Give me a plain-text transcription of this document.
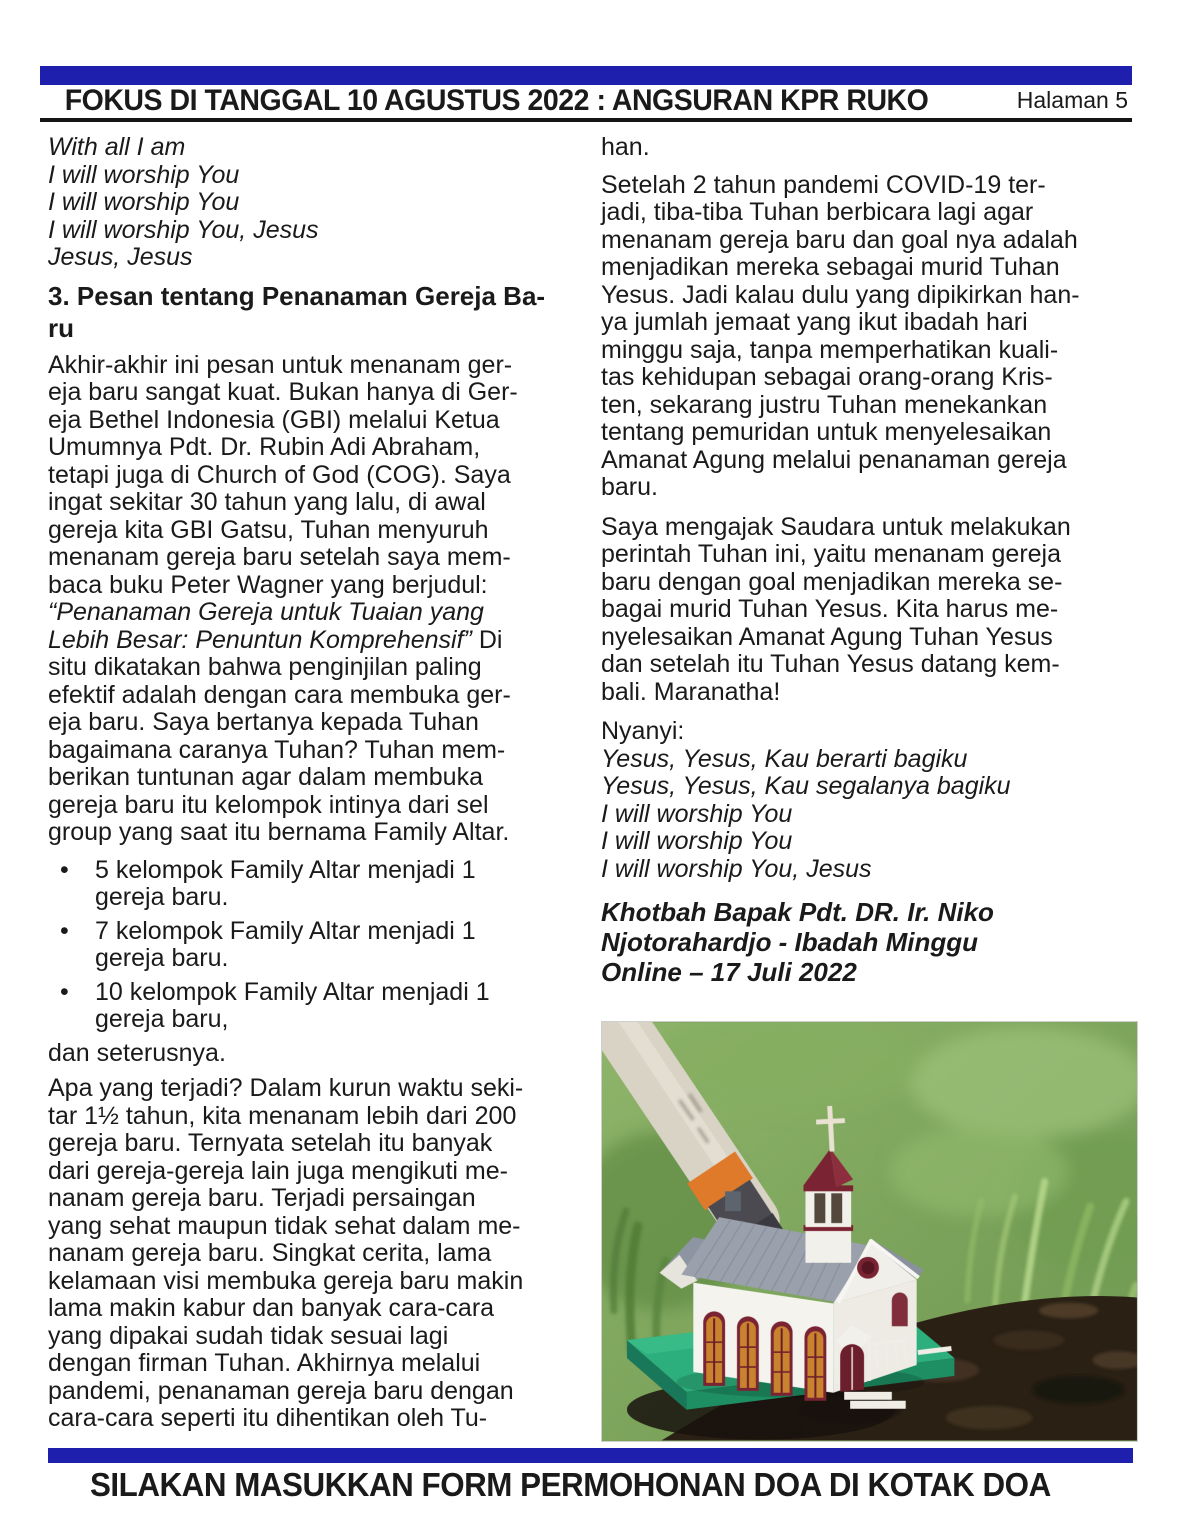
FOKUS DI TANGGAL 10 AGUSTUS 2022 : ANGSURAN KPR RUKO	Halaman 5
With all I am
I will worship You
I will worship You
I will worship You, Jesus
Jesus, Jesus
3. Pesan tentang Penanaman Gereja Ba-
ru
Akhir-akhir ini pesan untuk menanam ger-
eja baru sangat kuat. Bukan hanya di Ger-
eja Bethel Indonesia (GBI) melalui Ketua
Umumnya Pdt. Dr. Rubin Adi Abraham,
tetapi juga di Church of God (COG). Saya
ingat sekitar 30 tahun yang lalu, di awal
gereja kita GBI Gatsu, Tuhan menyuruh
menanam gereja baru setelah saya mem-
baca buku Peter Wagner yang berjudul:
“Penanaman Gereja untuk Tuaian yang
Lebih Besar: Penuntun Komprehensif” Di
situ dikatakan bahwa penginjilan paling
efektif adalah dengan cara membuka ger-
eja baru. Saya bertanya kepada Tuhan
bagaimana caranya Tuhan? Tuhan mem-
berikan tuntunan agar dalam membuka
gereja baru itu kelompok intinya dari sel
group yang saat itu bernama Family Altar.
•	5 kelompok Family Altar menjadi 1
gereja baru.
•	7 kelompok Family Altar menjadi 1
gereja baru.
•	10 kelompok Family Altar menjadi 1
gereja baru,
dan seterusnya.
Apa yang terjadi? Dalam kurun waktu seki-
tar 1½ tahun, kita menanam lebih dari 200
gereja baru. Ternyata setelah itu banyak
dari gereja-gereja lain juga mengikuti me-
nanam gereja baru. Terjadi persaingan
yang sehat maupun tidak sehat dalam me-
nanam gereja baru. Singkat cerita, lama
kelamaan visi membuka gereja baru makin
lama makin kabur dan banyak cara-cara
yang dipakai sudah tidak sesuai lagi
dengan firman Tuhan. Akhirnya melalui
pandemi, penanaman gereja baru dengan
cara-cara seperti itu dihentikan oleh Tu-
han.
Setelah 2 tahun pandemi COVID-19 ter-
jadi, tiba-tiba Tuhan berbicara lagi agar
menanam gereja baru dan goal nya adalah
menjadikan mereka sebagai murid Tuhan
Yesus. Jadi kalau dulu yang dipikirkan han-
ya jumlah jemaat yang ikut ibadah hari
minggu saja, tanpa memperhatikan kuali-
tas kehidupan sebagai orang-orang Kris-
ten, sekarang justru Tuhan menekankan
tentang pemuridan untuk menyelesaikan
Amanat Agung melalui penanaman gereja
baru.
Saya mengajak Saudara untuk melakukan
perintah Tuhan ini, yaitu menanam gereja
baru dengan goal menjadikan mereka se-
bagai murid Tuhan Yesus. Kita harus me-
nyelesaikan Amanat Agung Tuhan Yesus
dan setelah itu Tuhan Yesus datang kem-
bali. Maranatha!
Nyanyi:
Yesus, Yesus, Kau berarti bagiku
Yesus, Yesus, Kau segalanya bagiku
I will worship You
I will worship You
I will worship You, Jesus
Khotbah Bapak Pdt. DR. Ir. Niko
Njotorahardjo - Ibadah Minggu
Online – 17 Juli 2022
SILAKAN MASUKKAN FORM PERMOHONAN DOA DI KOTAK DOA
